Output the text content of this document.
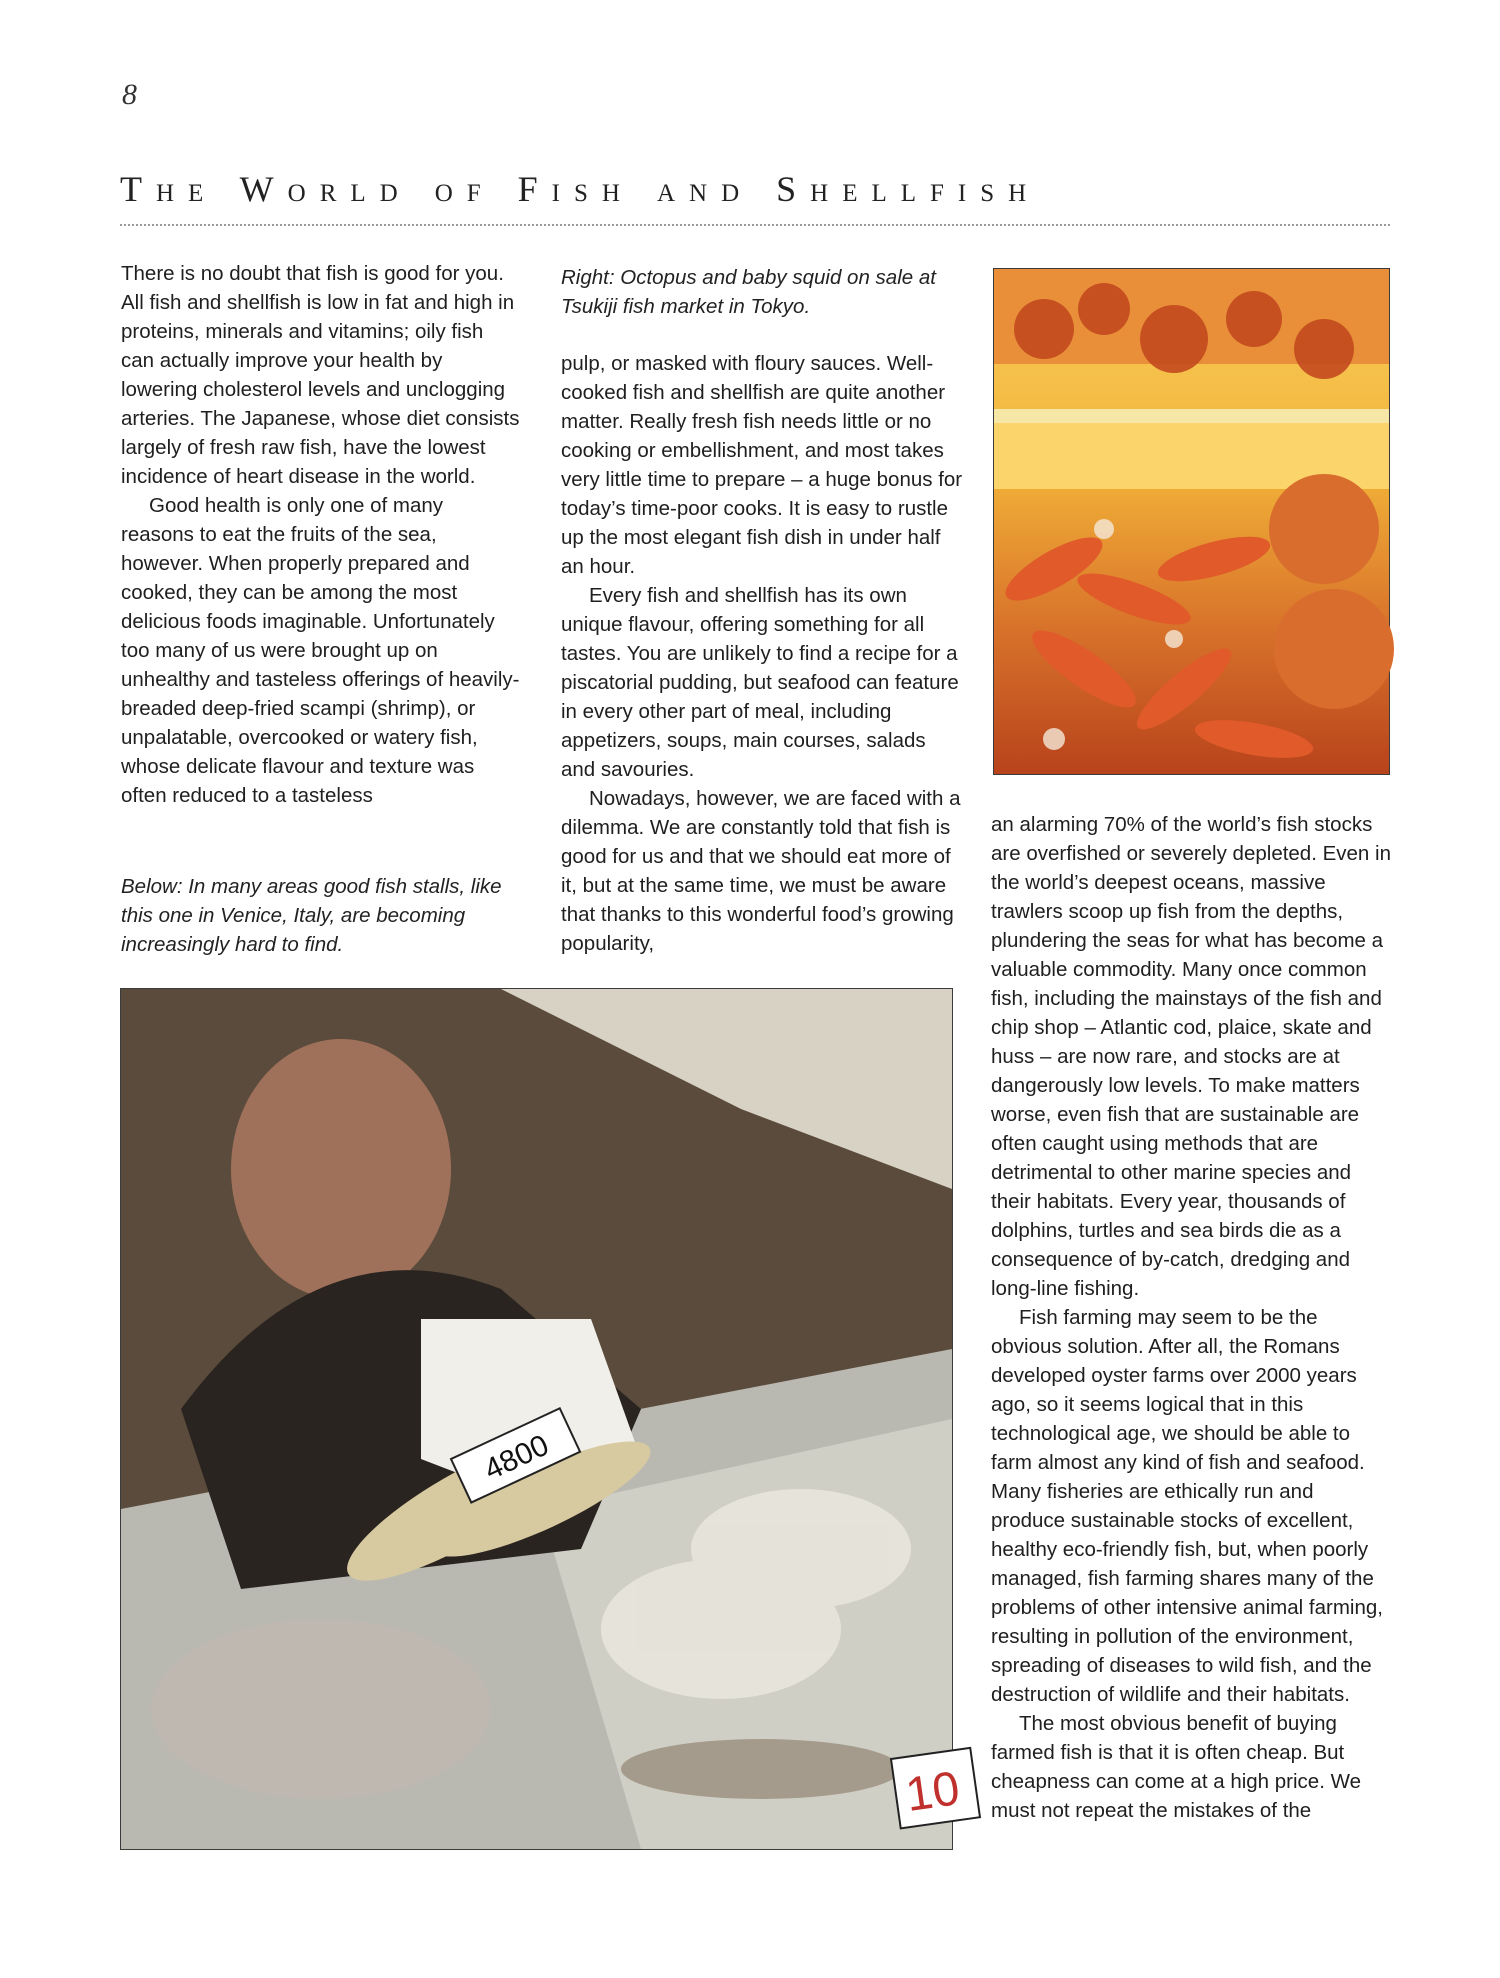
8
The World of Fish and Shellfish

There is no doubt that fish is good for you. All fish and shellfish is low in fat and high in proteins, minerals and vitamins; oily fish can actually improve your health by lowering cholesterol levels and unclogging arteries. The Japanese, whose diet consists largely of fresh raw fish, have the lowest incidence of heart disease in the world.

Good health is only one of many reasons to eat the fruits of the sea, however. When properly prepared and cooked, they can be among the most delicious foods imaginable. Unfortunately too many of us were brought up on unhealthy and tasteless offerings of heavily-breaded deep-fried scampi (shrimp), or unpalatable, overcooked or watery fish, whose delicate flavour and texture was often reduced to a tasteless

Below: In many areas good fish stalls, like this one in Venice, Italy, are becoming increasingly hard to find.
Right: Octopus and baby squid on sale at Tsukiji fish market in Tokyo.

pulp, or masked with floury sauces. Well-cooked fish and shellfish are quite another matter. Really fresh fish needs little or no cooking or embellishment, and most takes very little time to prepare – a huge bonus for today’s time-poor cooks. It is easy to rustle up the most elegant fish dish in under half an hour.

Every fish and shellfish has its own unique flavour, offering something for all tastes. You are unlikely to find a recipe for a piscatorial pudding, but seafood can feature in every other part of meal, including appetizers, soups, main courses, salads and savouries.

Nowadays, however, we are faced with a dilemma. We are constantly told that fish is good for us and that we should eat more of it, but at the same time, we must be aware that thanks to this wonderful food’s growing popularity,

4800
10

an alarming 70% of the world’s fish stocks are overfished or severely depleted. Even in the world’s deepest oceans, massive trawlers scoop up fish from the depths, plundering the seas for what has become a valuable commodity. Many once common fish, including the mainstays of the fish and chip shop – Atlantic cod, plaice, skate and huss – are now rare, and stocks are at dangerously low levels. To make matters worse, even fish that are sustainable are often caught using methods that are detrimental to other marine species and their habitats. Every year, thousands of dolphins, turtles and sea birds die as a consequence of by-catch, dredging and long-line fishing.

Fish farming may seem to be the obvious solution. After all, the Romans developed oyster farms over 2000 years ago, so it seems logical that in this technological age, we should be able to farm almost any kind of fish and seafood. Many fisheries are ethically run and produce sustainable stocks of excellent, healthy eco-friendly fish, but, when poorly managed, fish farming shares many of the problems of other intensive animal farming, resulting in pollution of the environment, spreading of diseases to wild fish, and the destruction of wildlife and their habitats.

The most obvious benefit of buying farmed fish is that it is often cheap. But cheapness can come at a high price. We must not repeat the mistakes of the
